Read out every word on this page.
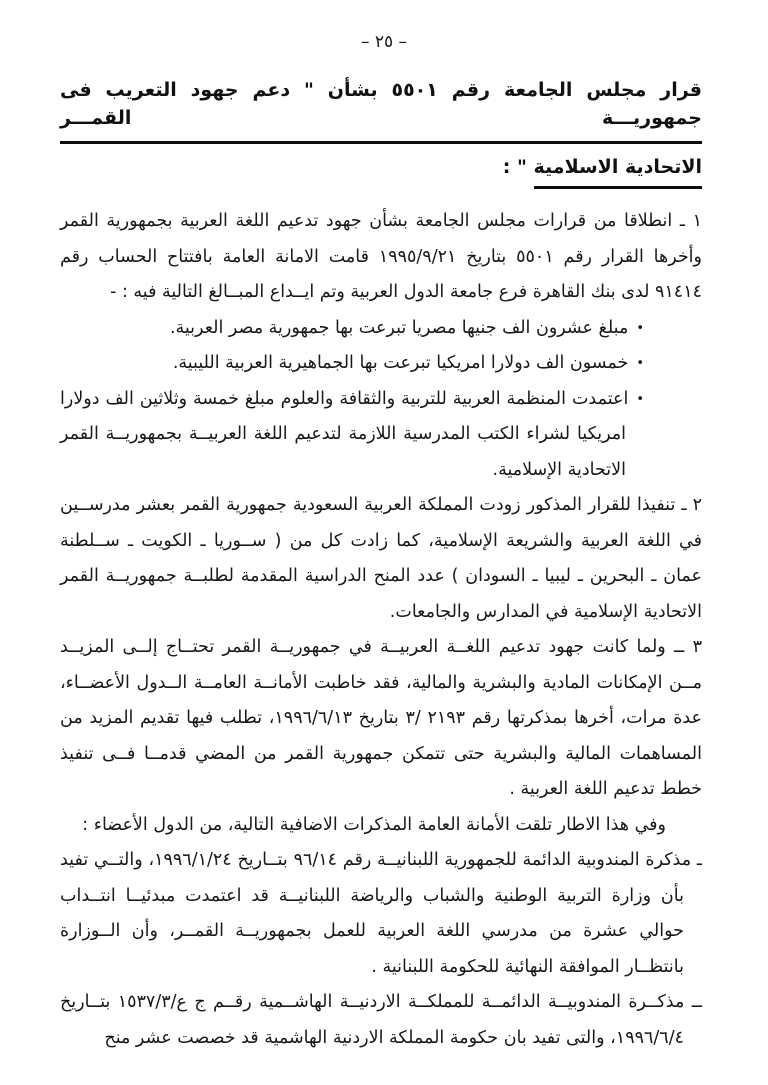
– ٢٥ –
قرار مجلس الجامعة رقم ٥٥٠١ بشأن " دعم جهود التعريب فى جمهوريـــة القمـــر
الاتحادية الاسلامية " :
١ ـ انطلاقا من قرارات مجلس الجامعة بشأن جهود تدعيم اللغة العربية بجمهورية القمر وأخرها القرار رقم ٥٥٠١ بتاريخ ١٩٩٥/٩/٢١ قامت الامانة العامة بافتتاح الحساب رقم ٩١٤١٤ لدى بنك القاهرة فرع جامعة الدول العربية وتم ايــداع المبــالغ التالية فيه : -
•مبلغ عشرون الف جنيها مصريا تبرعت بها جمهورية مصر العربية.
•خمسون الف دولارا امريكيا تبرعت بها الجماهيرية العربية الليبية.
•اعتمدت المنظمة العربية للتربية والثقافة والعلوم مبلغ خمسة وثلاثين الف دولارا امريكيا لشراء الكتب المدرسية اللازمة لتدعيم اللغة العربيــة بجمهوريــة القمر الاتحادية الإسلامية.
٢ ـ تنفيذا للقرار المذكور زودت المملكة العربية السعودية جمهورية القمر بعشر مدرســين في اللغة العربية والشريعة الإسلامية، كما زادت كل من ( ســوريا ـ الكويت ـ ســلطنة عمان ـ البحرين ـ ليبيا ـ السودان ) عدد المنح الدراسية المقدمة لطلبــة جمهوريــة القمر الاتحادية الإسلامية في المدارس والجامعات.
٣ ــ ولما كانت جهود تدعيم اللغــة العربيــة في جمهوريــة القمر تحتــاج إلــى المزيــد مــن الإمكانات المادية والبشرية والمالية، فقد خاطبت الأمانــة العامــة الــدول الأعضــاء، عدة مرات، أخرها بمذكرتها رقم ٢١٩٣ /٣ بتاريخ ١٩٩٦/٦/١٣، تطلب فيها تقديم المزيد من المساهمات المالية والبشرية حتى تتمكن جمهورية القمر من المضي قدمــا فــى تنفيذ خطط تدعيم اللغة العربية .
وفي هذا الاطار تلقت الأمانة العامة المذكرات الاضافية التالية، من الدول الأعضاء :
ـ مذكرة المندوبية الدائمة للجمهورية اللبنانيــة رقم ٩٦/١٤ بتــاريخ ١٩٩٦/١/٢٤، والتــي تفيد بأن وزارة التربية الوطنية والشباب والرياضة اللبنانيــة قد اعتمدت مبدئيــا انتــداب حوالي عشرة من مدرسي اللغة العربية للعمل بجمهوريــة القمــر، وأن الــوزارة بانتظــار الموافقة النهائية للحكومة اللبنانية .
ــ مذكــرة المندوبيــة الدائمــة للمملكــة الاردنيــة الهاشــمية رقــم ج ع/١٥٣٧/٣ بتــاريخ ١٩٩٦/٦/٤، والتى تفيد بان حكومة المملكة الاردنية الهاشمية قد خصصت عشر منح
